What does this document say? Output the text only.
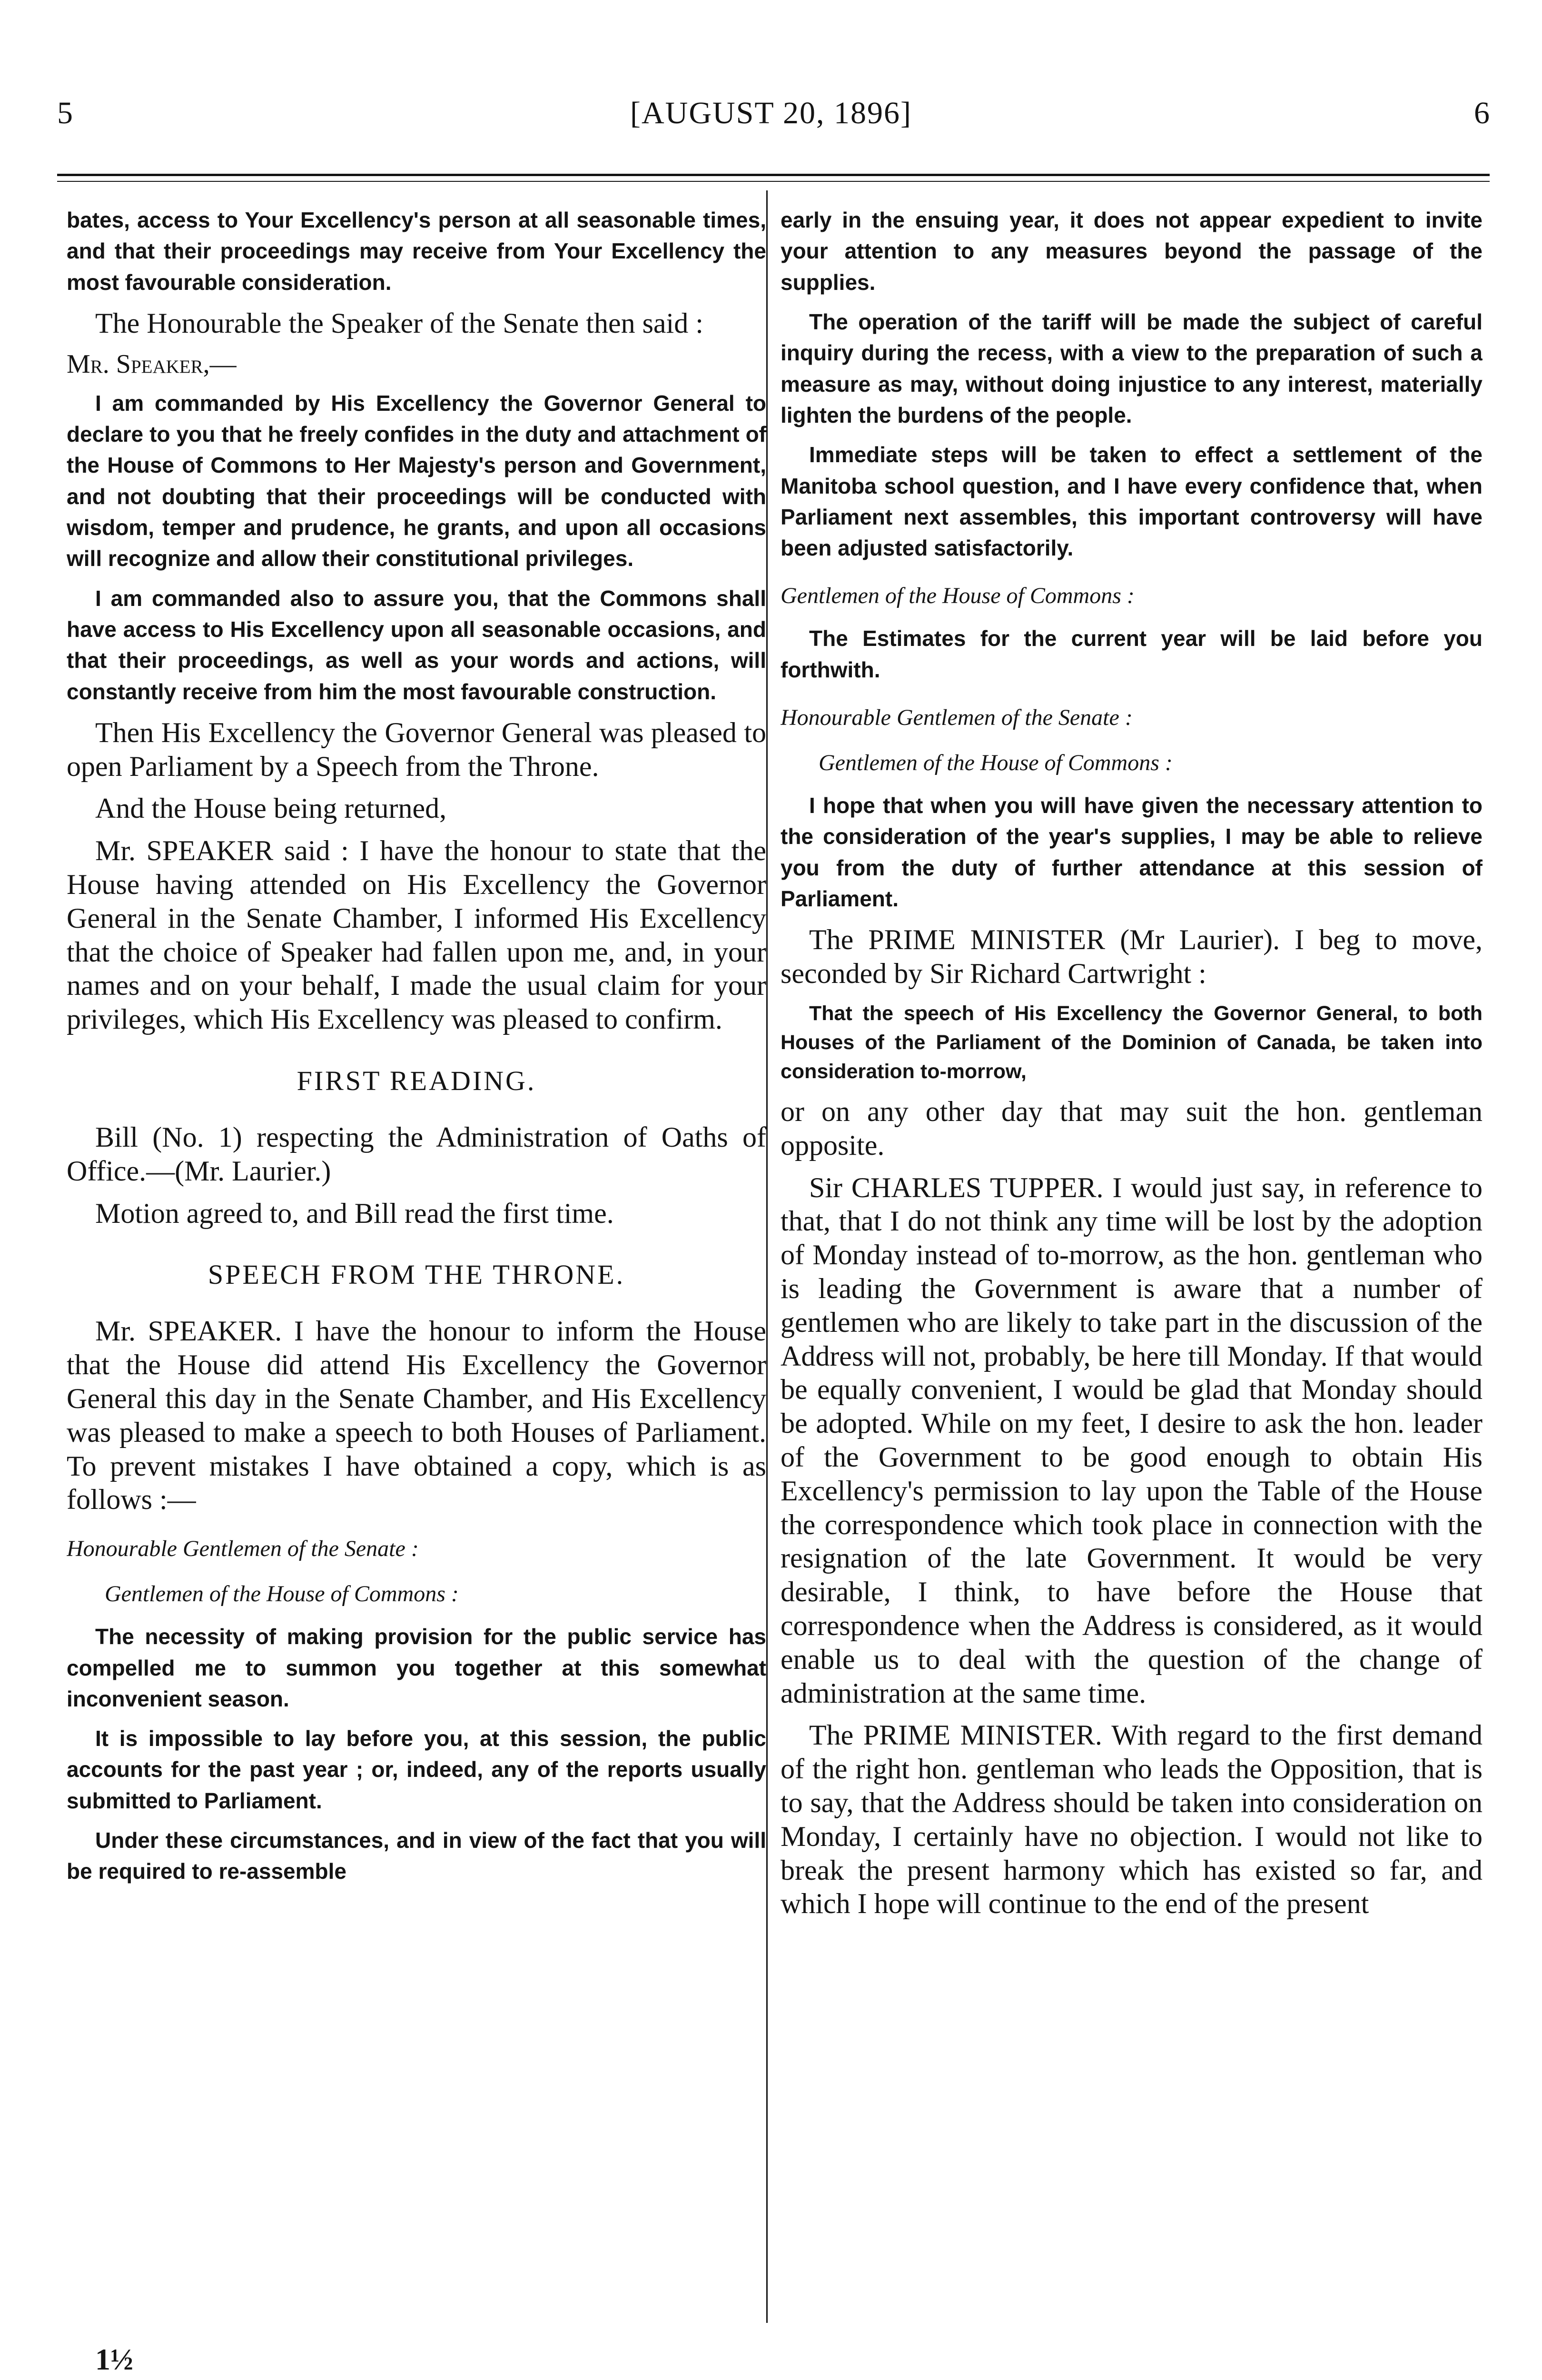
5	[AUGUST 20, 1896]	6

bates, access to Your Excellency's person at all seasonable times, and that their proceedings may receive from Your Excellency the most favourable consideration.

The Honourable the Speaker of the Senate then said :

Mr. Speaker,—

I am commanded by His Excellency the Governor General to declare to you that he freely confides in the duty and attachment of the House of Commons to Her Majesty's person and Government, and not doubting that their proceedings will be conducted with wisdom, temper and prudence, he grants, and upon all occasions will recognize and allow their constitutional privileges.

I am commanded also to assure you, that the Commons shall have access to His Excellency upon all seasonable occasions, and that their proceedings, as well as your words and actions, will constantly receive from him the most favourable construction.

Then His Excellency the Governor General was pleased to open Parliament by a Speech from the Throne.

And the House being returned,

Mr. SPEAKER said : I have the honour to state that the House having attended on His Excellency the Governor General in the Senate Chamber, I informed His Excellency that the choice of Speaker had fallen upon me, and, in your names and on your behalf, I made the usual claim for your privileges, which His Excellency was pleased to confirm.

FIRST READING.

Bill (No. 1) respecting the Administration of Oaths of Office.—(Mr. Laurier.)

Motion agreed to, and Bill read the first time.

SPEECH FROM THE THRONE.

Mr. SPEAKER. I have the honour to inform the House that the House did attend His Excellency the Governor General this day in the Senate Chamber, and His Excellency was pleased to make a speech to both Houses of Parliament. To prevent mistakes I have obtained a copy, which is as follows :—

Honourable Gentlemen of the Senate :

Gentlemen of the House of Commons :

The necessity of making provision for the public service has compelled me to summon you together at this somewhat inconvenient season.

It is impossible to lay before you, at this session, the public accounts for the past year ; or, indeed, any of the reports usually submitted to Parliament.

Under these circumstances, and in view of the fact that you will be required to re-assemble

early in the ensuing year, it does not appear expedient to invite your attention to any measures beyond the passage of the supplies.

The operation of the tariff will be made the subject of careful inquiry during the recess, with a view to the preparation of such a measure as may, without doing injustice to any interest, materially lighten the burdens of the people.

Immediate steps will be taken to effect a settlement of the Manitoba school question, and I have every confidence that, when Parliament next assembles, this important controversy will have been adjusted satisfactorily.

Gentlemen of the House of Commons :

The Estimates for the current year will be laid before you forthwith.

Honourable Gentlemen of the Senate :

Gentlemen of the House of Commons :

I hope that when you will have given the necessary attention to the consideration of the year's supplies, I may be able to relieve you from the duty of further attendance at this session of Parliament.

The PRIME MINISTER (Mr Laurier). I beg to move, seconded by Sir Richard Cartwright :

That the speech of His Excellency the Governor General, to both Houses of the Parliament of the Dominion of Canada, be taken into consideration to-morrow,

or on any other day that may suit the hon. gentleman opposite.

Sir CHARLES TUPPER. I would just say, in reference to that, that I do not think any time will be lost by the adoption of Monday instead of to-morrow, as the hon. gentleman who is leading the Government is aware that a number of gentlemen who are likely to take part in the discussion of the Address will not, probably, be here till Monday. If that would be equally convenient, I would be glad that Monday should be adopted. While on my feet, I desire to ask the hon. leader of the Government to be good enough to obtain His Excellency's permission to lay upon the Table of the House the correspondence which took place in connection with the resignation of the late Government. It would be very desirable, I think, to have before the House that correspondence when the Address is considered, as it would enable us to deal with the question of the change of administration at the same time.

The PRIME MINISTER. With regard to the first demand of the right hon. gentleman who leads the Opposition, that is to say, that the Address should be taken into consideration on Monday, I certainly have no objection. I would not like to break the present harmony which has existed so far, and which I hope will continue to the end of the present

1½
